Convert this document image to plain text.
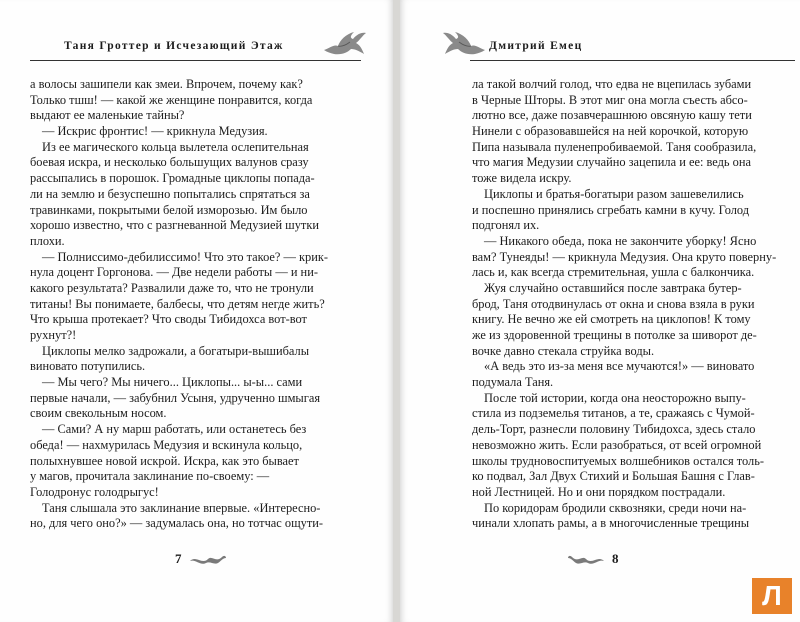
Таня Гроттер и Исчезающий Этаж
а волосы зашипели как змеи. Впрочем, почему как?
Только тшш! — какой же женщине понравится, когда
выдают ее маленькие тайны?
— Искрис фронтис! — крикнула Медузия.
Из ее магического кольца вылетела ослепительная
боевая искра, и несколько большущих валунов сразу
рассыпались в порошок. Громадные циклопы попада-
ли на землю и безуспешно попытались спрятаться за
травинками, покрытыми белой изморозью. Им было
хорошо известно, что с разгневанной Медузией шутки
плохи.
— Полниссимо-дебилиссимо! Что это такое? — крик-
нула доцент Горгонова. — Две недели работы — и ни-
какого результата? Развалили даже то, что не тронули
титаны! Вы понимаете, балбесы, что детям негде жить?
Что крыша протекает? Что своды Тибидохса вот-вот
рухнут?!
Циклопы мелко задрожали, а богатыри-вышибалы
виновато потупились.
— Мы чего? Мы ничего... Циклопы... ы-ы... сами
первые начали, — забубнил Усыня, удрученно шмыгая
своим свекольным носом.
— Сами? А ну марш работать, или останетесь без
обеда! — нахмурилась Медузия и вскинула кольцо,
полыхнувшее новой искрой. Искра, как это бывает
у магов, прочитала заклинание по-своему: —
Голодронус голодрыгус!
Таня слышала это заклинание впервые. «Интересно-
но, для чего оно?» — задумалась она, но тотчас ощути-
7
Дмитрий Емец
ла такой волчий голод, что едва не вцепилась зубами
в Черные Шторы. В этот миг она могла съесть абсо-
лютно все, даже позавчерашнюю овсяную кашу тети
Нинели с образовавшейся на ней корочкой, которую
Пипа называла пуленепробиваемой. Таня сообразила,
что магия Медузии случайно зацепила и ее: ведь она
тоже видела искру.
Циклопы и братья-богатыри разом зашевелились
и поспешно принялись сгребать камни в кучу. Голод
подгонял их.
— Никакого обеда, пока не закончите уборку! Ясно
вам? Тунеяды! — крикнула Медузия. Она круто поверну-
лась и, как всегда стремительная, ушла с балкончика.
Жуя случайно оставшийся после завтрака бутер-
брод, Таня отодвинулась от окна и снова взяла в руки
книгу. Не вечно же ей смотреть на циклопов! К тому
же из здоровенной трещины в потолке за шиворот де-
вочке давно стекала струйка воды.
«А ведь это из-за меня все мучаются!» — виновато
подумала Таня.
После той истории, когда она неосторожно выпу-
стила из подземелья титанов, а те, сражаясь с Чумой-
дель-Торт, разнесли половину Тибидохса, здесь стало
невозможно жить. Если разобраться, от всей огромной
школы трудновоспитуемых волшебников остался толь-
ко подвал, Зал Двух Стихий и Большая Башня с Глав-
ной Лестницей. Но и они порядком пострадали.
По коридорам бродили сквозняки, среди ночи на-
чинали хлопать рамы, а в многочисленные трещины
8
Л
